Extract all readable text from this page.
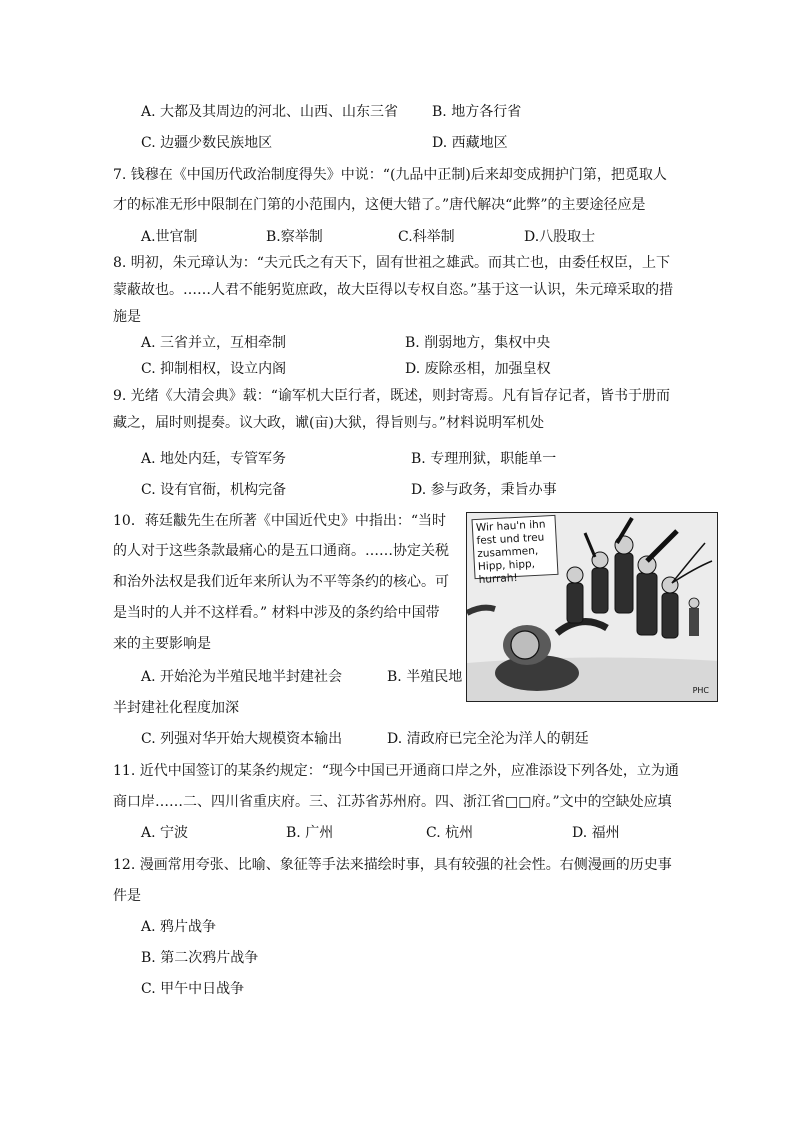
A. 大都及其周边的河北、山西、山东三省 B. 地方各行省
C. 边疆少数民族地区	D. 西藏地区
7. 钱穆在《中国历代政治制度得失》中说：“(九品中正制)后来却变成拥护门第，把觅取人
才的标准无形中限制在门第的小范围内，这便大错了。”唐代解决“此弊”的主要途径应是
A.世官制	B.察举制	C.科举制	D.八股取士
8. 明初，朱元璋认为：“夫元氏之有天下，固有世祖之雄武。而其亡也，由委任权臣，上下
蒙蔽故也。……人君不能躬览庶政，故大臣得以专权自恣。”基于这一认识，朱元璋采取的措
施是
A. 三省并立，互相牵制	B. 削弱地方，集权中央
C. 抑制相权，设立内阁	D. 废除丞相，加强皇权
9. 光绪《大清会典》载：“谕军机大臣行者，既述，则封寄焉。凡有旨存记者，皆书于册而
藏之，届时则提奏。议大政，谳(亩)大狱，得旨则与。”材料说明军机处
A. 地处内廷，专管军务	B. 专理刑狱，职能单一
C. 设有官衙，机构完备	D. 参与政务，秉旨办事
10．蒋廷黻先生在所著《中国近代史》中指出：“当时
的人对于这些条款最痛心的是五口通商。……协定关税
和治外法权是我们近年来所认为不平等条约的核心。可
是当时的人并不这样看。” 材料中涉及的条约给中国带
来的主要影响是
A. 开始沦为半殖民地半封建社会	B. 半殖民地
半封建社化程度加深
C. 列强对华开始大规模资本输出	D. 清政府已完全沦为洋人的朝廷
Wir hau'n ihn
fest und treu
zusammen,
Hipp, hipp,
hurrah!
PHC
11. 近代中国签订的某条约规定：“现今中国已开通商口岸之外，应准添设下列各处，立为通
商口岸……二、四川省重庆府。三、江苏省苏州府。四、浙江省□□府。”文中的空缺处应填
A. 宁波	B. 广州	C. 杭州	D. 福州
12. 漫画常用夸张、比喻、象征等手法来描绘时事，具有较强的社会性。右侧漫画的历史事
件是
A. 鸦片战争
B. 第二次鸦片战争
C. 甲午中日战争
